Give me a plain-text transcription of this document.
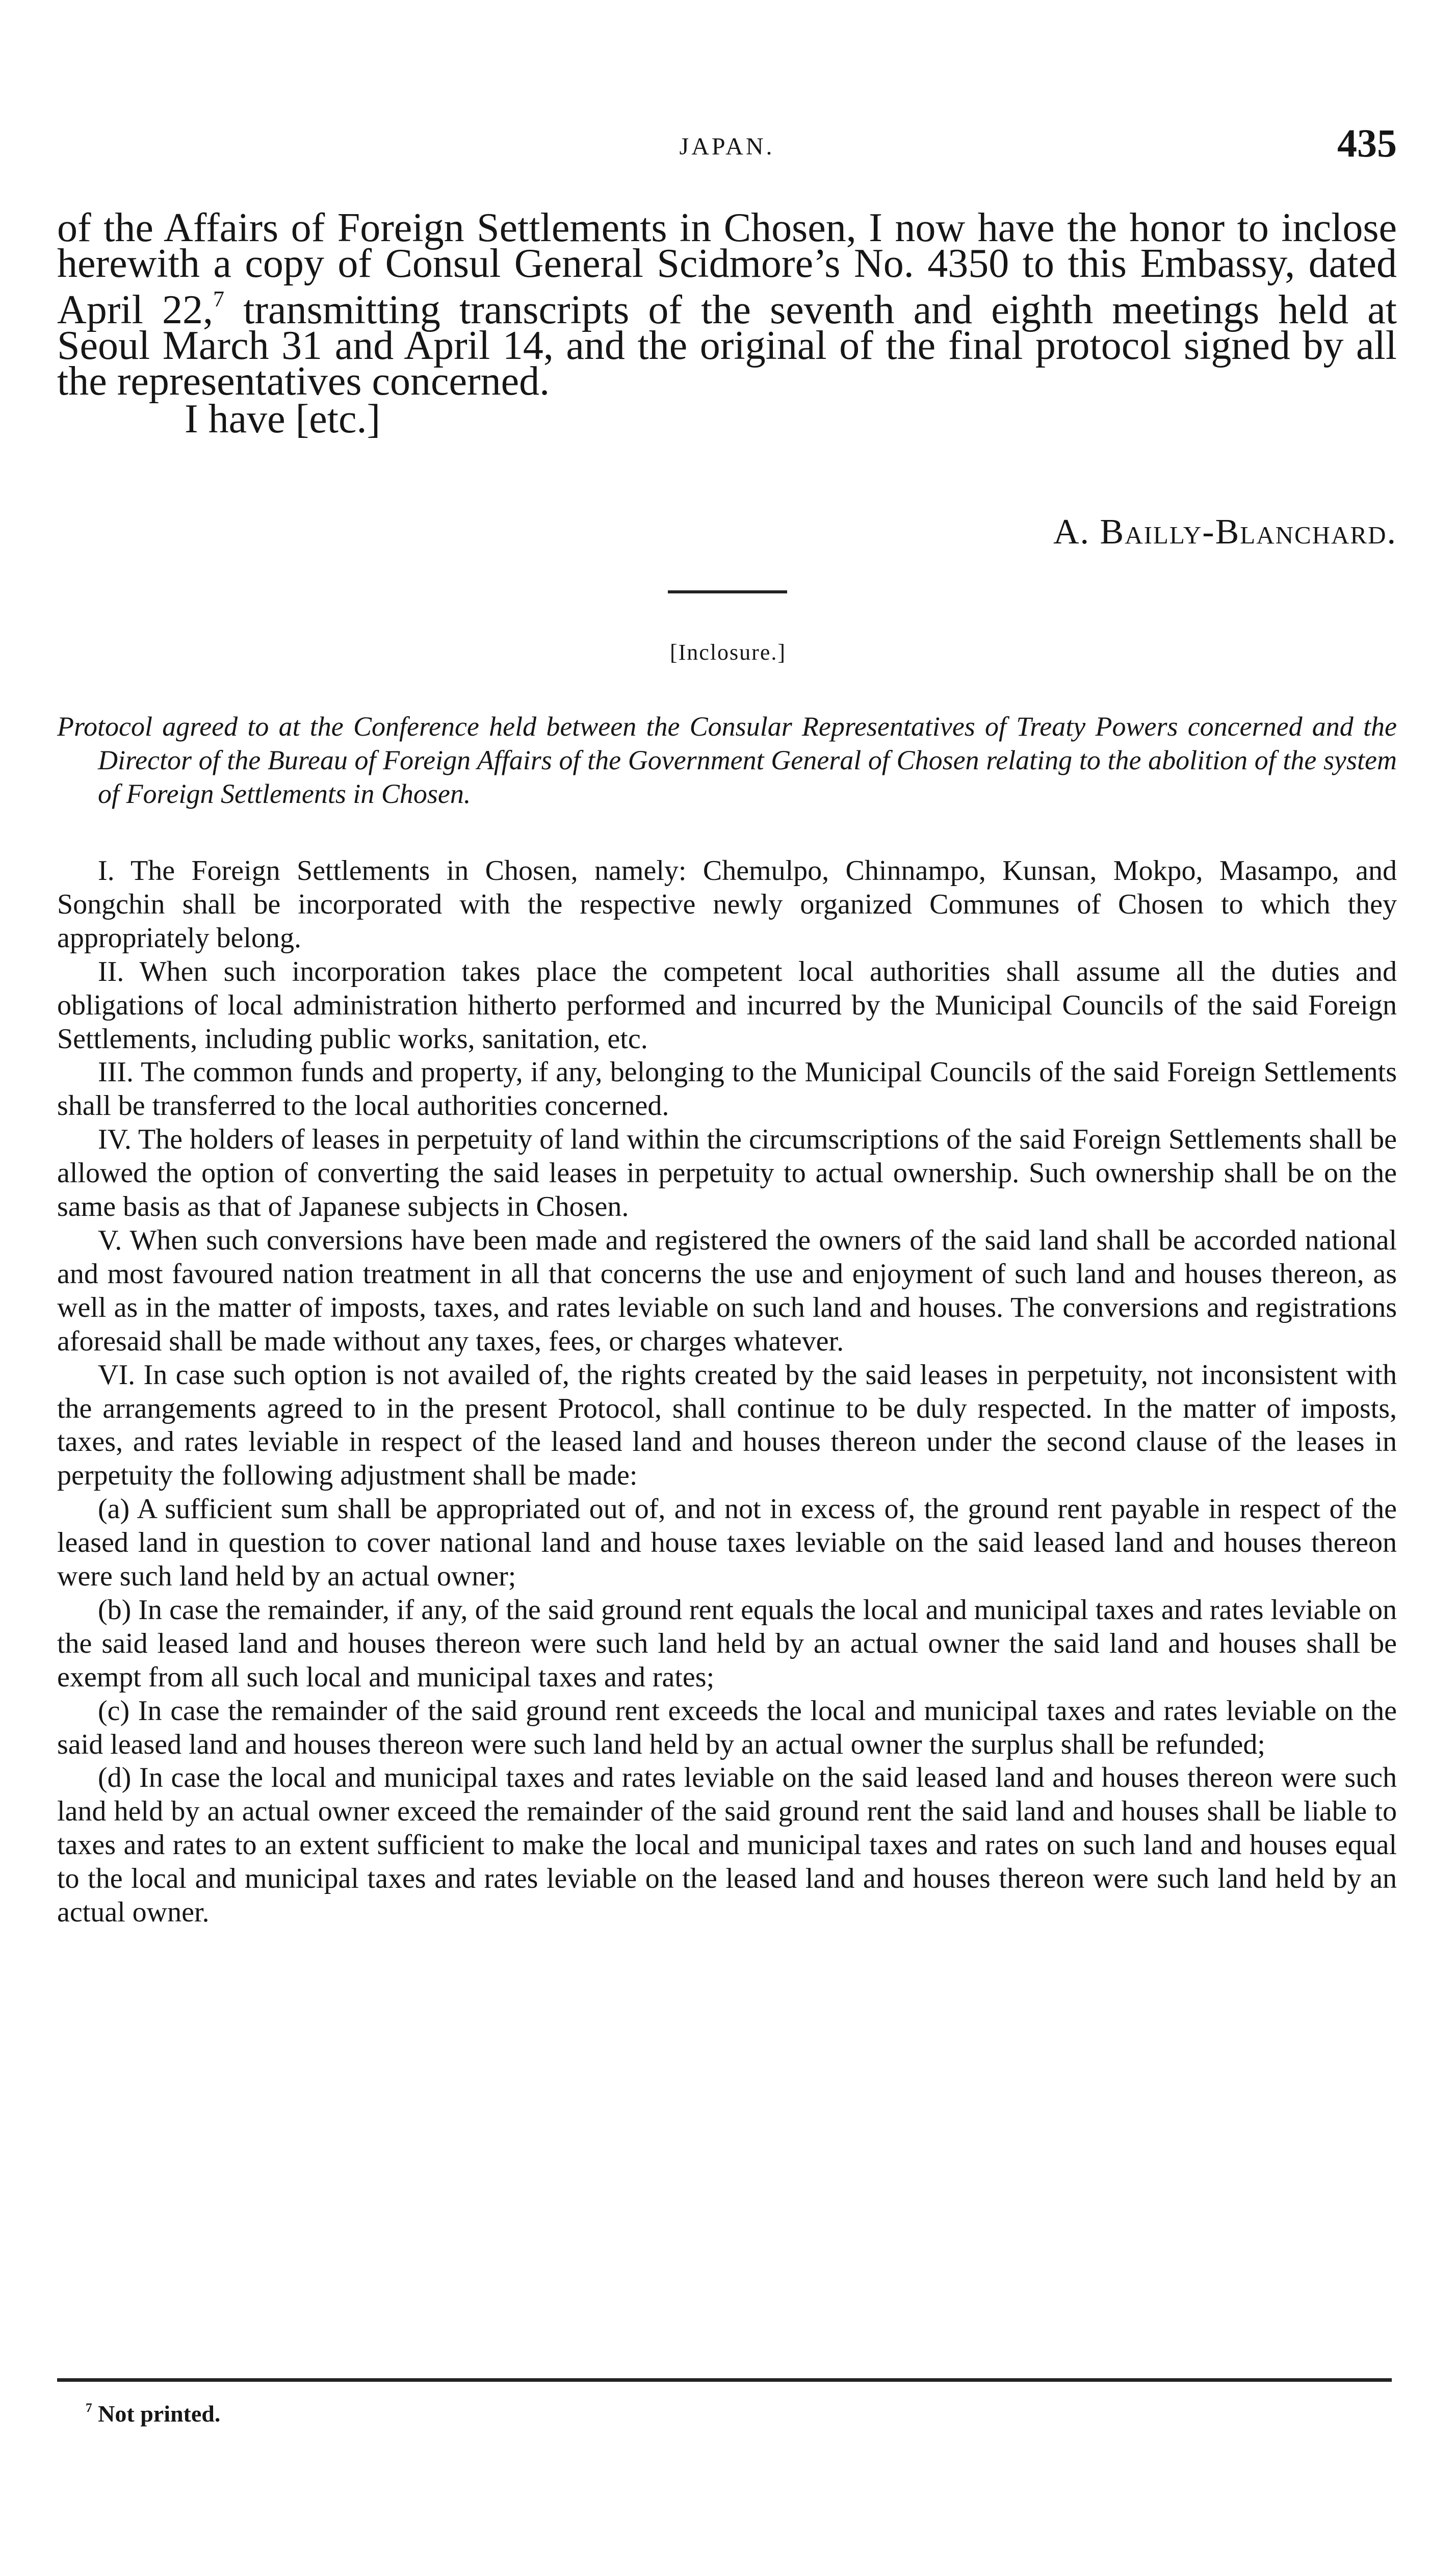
JAPAN.	435

of the Affairs of Foreign Settlements in Chosen, I now have the honor to inclose herewith a copy of Consul General Scidmore’s No. 4350 to this Embassy, dated April 22,$^7$ transmitting transcripts of the seventh and eighth meetings held at Seoul March 31 and April 14, and the original of the final protocol signed by all the representatives concerned.

I have [etc.]

A. Bailly-Blanchard.
[Inclosure.]
Protocol agreed to at the Conference held between the Consular Representatives of Treaty Powers concerned and the Director of the Bureau of Foreign Affairs of the Government General of Chosen relating to the abolition of the system of Foreign Settlements in Chosen.

I. The Foreign Settlements in Chosen, namely: Chemulpo, Chinnampo, Kunsan, Mokpo, Masampo, and Songchin shall be incorporated with the respective newly organized Communes of Chosen to which they appropriately belong.

II. When such incorporation takes place the competent local authorities shall assume all the duties and obligations of local administration hitherto performed and incurred by the Municipal Councils of the said Foreign Settlements, including public works, sanitation, etc.

III. The common funds and property, if any, belonging to the Municipal Councils of the said Foreign Settlements shall be transferred to the local authorities concerned.

IV. The holders of leases in perpetuity of land within the circumscriptions of the said Foreign Settlements shall be allowed the option of converting the said leases in perpetuity to actual ownership. Such ownership shall be on the same basis as that of Japanese subjects in Chosen.

V. When such conversions have been made and registered the owners of the said land shall be accorded national and most favoured nation treatment in all that concerns the use and enjoyment of such land and houses thereon, as well as in the matter of imposts, taxes, and rates leviable on such land and houses. The conversions and registrations aforesaid shall be made without any taxes, fees, or charges whatever.

VI. In case such option is not availed of, the rights created by the said leases in perpetuity, not inconsistent with the arrangements agreed to in the present Protocol, shall continue to be duly respected. In the matter of imposts, taxes, and rates leviable in respect of the leased land and houses thereon under the second clause of the leases in perpetuity the following adjustment shall be made:

(a) A sufficient sum shall be appropriated out of, and not in excess of, the ground rent payable in respect of the leased land in question to cover national land and house taxes leviable on the said leased land and houses thereon were such land held by an actual owner;

(b) In case the remainder, if any, of the said ground rent equals the local and municipal taxes and rates leviable on the said leased land and houses thereon were such land held by an actual owner the said land and houses shall be exempt from all such local and municipal taxes and rates;

(c) In case the remainder of the said ground rent exceeds the local and municipal taxes and rates leviable on the said leased land and houses thereon were such land held by an actual owner the surplus shall be refunded;

(d) In case the local and municipal taxes and rates leviable on the said leased land and houses thereon were such land held by an actual owner exceed the remainder of the said ground rent the said land and houses shall be liable to taxes and rates to an extent sufficient to make the local and municipal taxes and rates on such land and houses equal to the local and municipal taxes and rates leviable on the leased land and houses thereon were such land held by an actual owner.

$^7$ Not printed.
